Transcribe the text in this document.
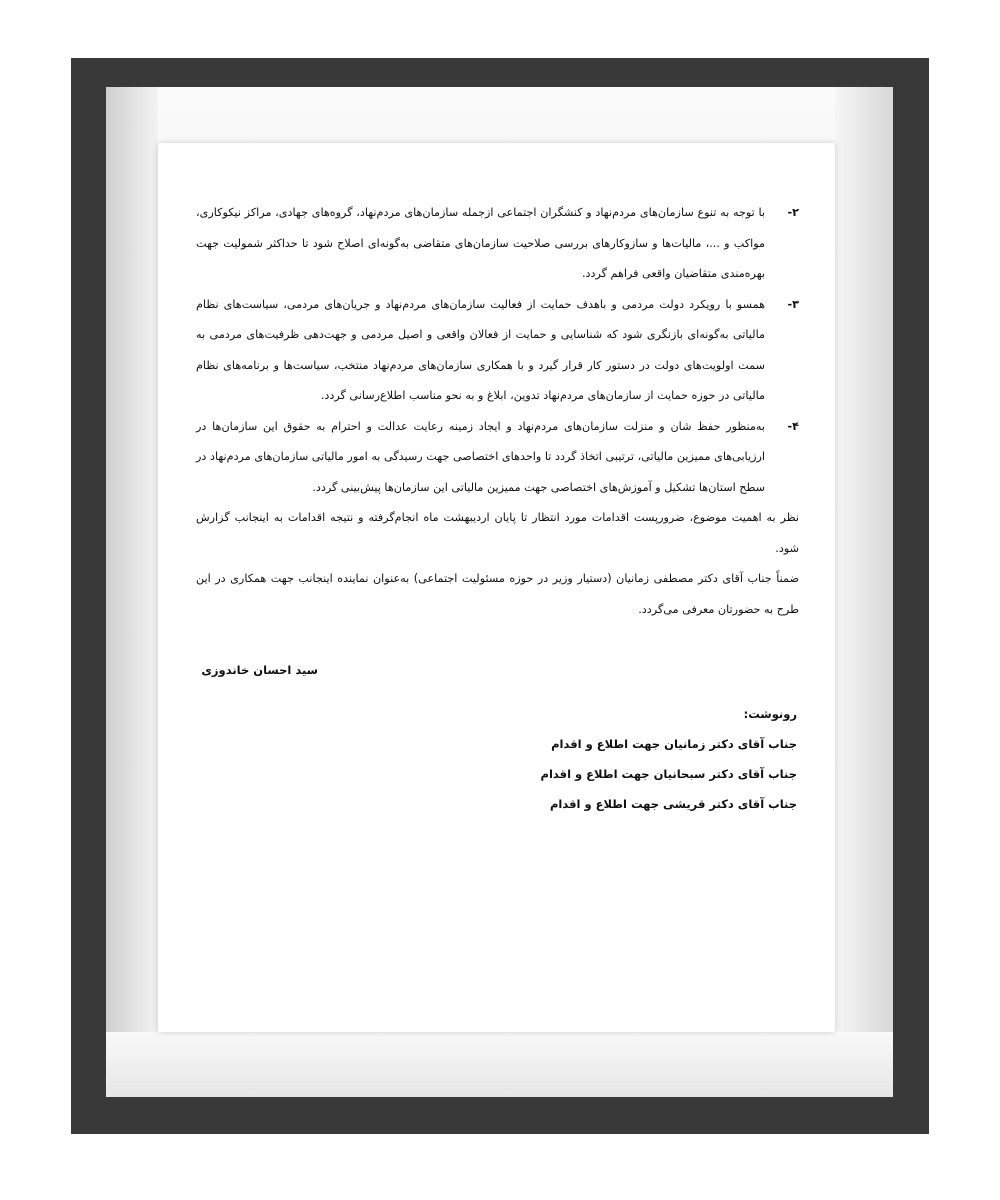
۲-
با توجه به تنوع سازمان‌های مردم‌نهاد و کنشگران اجتماعی ازجمله سازمان‌های مردم‌نهاد، گروه‌های جهادی، مراکز نیکوکاری، مواکب و ...، مالیات‌ها و سازوکارهای بررسی صلاحیت سازمان‌های متقاضی به‌گونه‌ای اصلاح شود تا حداکثر شمولیت جهت بهره‌مندی متقاضیان واقعی فراهم گردد.
۳-
همسو با رویکرد دولت مردمی و باهدف حمایت از فعالیت سازمان‌های مردم‌نهاد و جریان‌های مردمی، سیاست‌های نظام مالیاتی به‌گونه‌ای بازنگری شود که شناسایی و حمایت از فعالان واقعی و اصیل مردمی و جهت‌دهی ظرفیت‌های مردمی به سمت اولویت‌های دولت در دستور کار قرار گیرد و با همکاری سازمان‌های مردم‌نهاد منتخب، سیاست‌ها و برنامه‌های نظام مالیاتی در حوزه حمایت از سازمان‌های مردم‌نهاد تدوین، ابلاغ و به نحو مناسب اطلاع‌رسانی گردد.
۴-
به‌منظور حفظ شان و منزلت سازمان‌های مردم‌نهاد و ایجاد زمینه رعایت عدالت و احترام به حقوق این سازمان‌ها در ارزیابی‌های ممیزین مالیاتی، ترتیبی اتخاذ گردد تا واحدهای اختصاصی جهت رسیدگی به امور مالیاتی سازمان‌های مردم‌نهاد در سطح استان‌ها تشکیل و آموزش‌های اختصاصی جهت ممیزین مالیاتی این سازمان‌ها پیش‌بینی گردد.

نظر به اهمیت موضوع، ضرورپست اقدامات مورد انتظار تا پایان اردیبهشت ماه انجام‌گرفته و نتیجه اقدامات به اینجانب گزارش شود.

ضمناً جناب آقای دکتر مصطفی زمانیان (دستیار وزیر در حوزه مسئولیت اجتماعی) به‌عنوان نماینده اینجانب جهت همکاری در این طرح به حضورتان معرفی می‌گردد.

سید احسان خاندوزی
رونوشت:
جناب آقای دکتر زمانیان جهت اطلاع و اقدام
جناب آقای دکتر سبحانیان جهت اطلاع و اقدام
جناب آقای دکتر قریشی جهت اطلاع و اقدام
